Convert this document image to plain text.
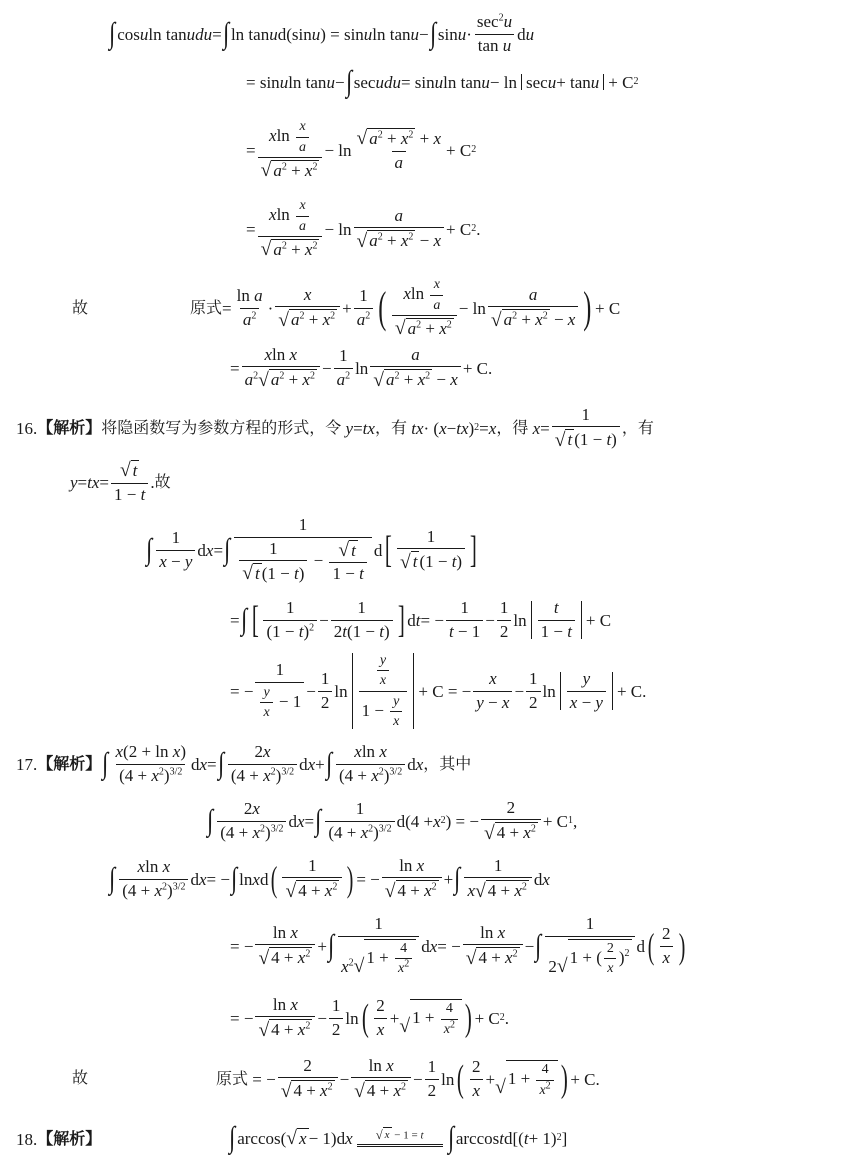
∫ cos u ln tan udu = ∫ ln tan u d(sin u ) = sin u ln tan u − ∫ $\sin u \cdot \frac{\sec^2u}{\text{tan u}}$ d u
= sin u ln tan u − ∫ sec udu = sin u ln tan u − ln sec u + tan u + C 2
= $\frac{xln \frac{x}{a}}{√ a^2 + x^2} - \ln \frac{√ a^2 + x^2 + x}{a} + C$ 2
= $\frac{xln \frac{x}{a}}{√ a^2 + x^2} - \ln \frac{a}{√ a^2 + x^2 - x} + C$ 2 .
故	原式 = $\frac{\text{ln a}}{a^2} \cdot \frac{x}{√ a^2 + x^2} + \frac{1}{a^2}$ ( $\frac{xln \frac{x}{a}}{√ a^2 + x^2} - \ln \frac{a}{√ a^2 + x^2 - x}$ ) + C
= $\frac{\text{xln x}}{a^2 √ a^2 + x^2} - \frac{1}{a^2}$ $\ln \frac{a}{√ a^2 + x^2 - x} + C$.
16. 【解析】 将隐函数写为参数方程的形式，令
y = tx ，有
tx · ( x − tx ) 2 = x ，得
$x = \frac{1}{√ t (1 - t)}$ ，有
y = tx = $\frac{√ t}{1 - t}$ . 故
∫ $\frac{1}{x - y}$ d x = ∫ $\frac{1}{\frac{1}{√ t (1 - t)} - \frac{√ t}{1 - t}}$ d [ $\frac{1}{√ t (1 - t)}$ ]
= ∫ [ $\frac{1}{(1 - t)^2} - \frac{1}{2t(1 - t)}$ ] d t = − $\frac{1}{t - 1} - \frac{1}{2}$ $\ln \frac{t}{1 - t} + C$
= − $\frac{1}{\frac{y}{x} - 1} - \frac{1}{2}$ $\ln \frac{\frac{y}{x}}{1 - \frac{y}{x}} + C$ = − $\frac{x}{y - x} - \frac{1}{2}$ $\ln \frac{y}{x - y} + C$.
17. 【解析】 ∫ $\frac{\text{x(2 + ln x)}}{(4 + x^2)^{3/2}}$ d x = ∫ $\frac{2x}{(4 + x^2)^{3/2}}$ d x + ∫ $\frac{\text{xln x}}{(4 + x^2)^{3/2}}$ d x ，其中
∫ $\frac{2x}{(4 + x^2)^{3/2}}$ d x = ∫ $\frac{1}{(4 + x^2)^{3/2}} d(4 + x$ 2 ) = − $\frac{2}{√ 4 + x^2} + C$ 1 ,
∫ $\frac{\text{xln x}}{(4 + x^2)^{3/2}}$ d x = − ∫ ln x d ( $\frac{1}{√ 4 + x^2}$ ) = − $\frac{\text{ln x}}{√ 4 + x^2}$ + ∫ $\frac{1}{x √ 4 + x^2}$ d x
= − $\frac{\text{ln x}}{√ 4 + x^2}$ + ∫ $\frac{1}{x^2 √ 1 + \frac{4}{x^2}}$ d x = − $\frac{\text{ln x}}{√ 4 + x^2}$ − ∫ $\frac{1}{2 √ 1 + ( \frac{2}{x} )^2}$ d ( $\frac{2}{x}$ )
= − $\frac{\text{ln x}}{√ 4 + x^2} - \frac{1}{2}$ ln ( $\frac{2}{x}$ + √ $1 + \frac{4}{x^2}$ ) + C 2 .
故	原式 = − $\frac{2}{√ 4 + x^2} - \frac{\text{ln x}}{√ 4 + x^2} - \frac{1}{2}$ ln ( $\frac{2}{x}$ + √ $1 + \frac{4}{x^2}$ ) + C.
18. 【解析】	∫ arccos( √ x − 1)d x √ x − 1 = t ∫ arccos t d[( t + 1) 2 ]
